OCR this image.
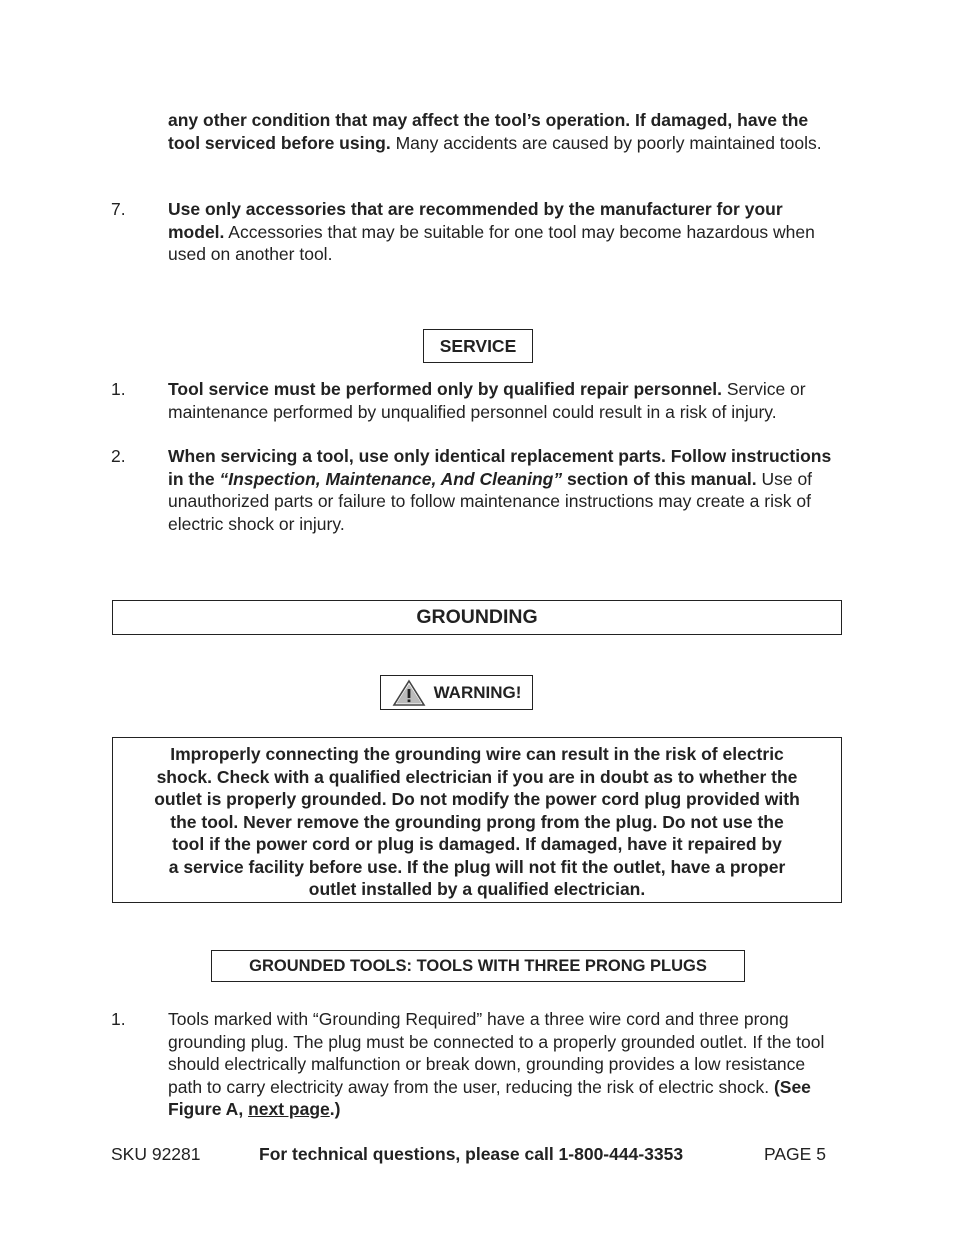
any other condition that may affect the tool’s operation. If damaged, have the tool serviced before using. Many accidents are caused by poorly maintained tools.
7. Use only accessories that are recommended by the manufacturer for your model. Accessories that may be suitable for one tool may become hazardous when used on another tool.
SERVICE
1. Tool service must be performed only by qualified repair personnel. Service or maintenance performed by unqualified personnel could result in a risk of injury.
2. When servicing a tool, use only identical replacement parts. Follow instructions in the “Inspection, Maintenance, And Cleaning” section of this manual. Use of unauthorized parts or failure to follow maintenance instructions may create a risk of electric shock or injury.
GROUNDING
WARNING!
Improperly connecting the grounding wire can result in the risk of electric
shock. Check with a qualified electrician if you are in doubt as to whether the
outlet is properly grounded. Do not modify the power cord plug provided with
the tool. Never remove the grounding prong from the plug. Do not use the
tool if the power cord or plug is damaged. If damaged, have it repaired by
a service facility before use. If the plug will not fit the outlet, have a proper
outlet installed by a qualified electrician.
GROUNDED TOOLS: TOOLS WITH THREE PRONG PLUGS
1. Tools marked with “Grounding Required” have a three wire cord and three prong grounding plug. The plug must be connected to a properly grounded outlet. If the tool should electrically malfunction or break down, grounding provides a low resistance path to carry electricity away from the user, reducing the risk of electric shock. (See Figure A, next page.)
SKU 92281	For technical questions, please call 1-800-444-3353	PAGE 5
